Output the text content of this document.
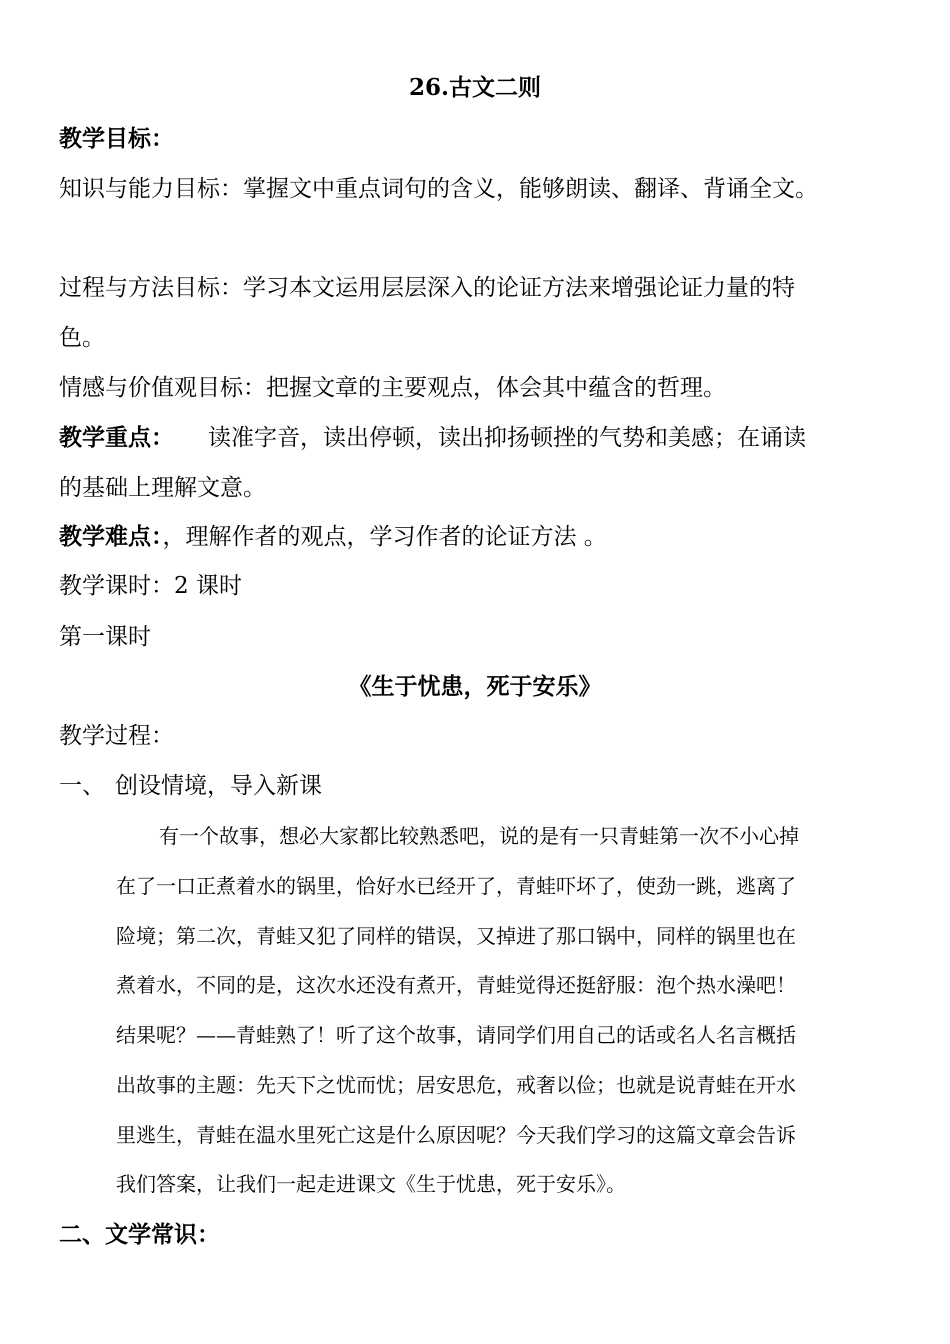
26.古文二则
教学目标：
知识与能力目标：掌握文中重点词句的含义，能够朗读、翻译、背诵全文。
过程与方法目标：学习本文运用层层深入的论证方法来增强论证力量的特
色。
情感与价值观目标：把握文章的主要观点，体会其中蕴含的哲理。
教学重点： 读准字音，读出停顿，读出抑扬顿挫的气势和美感；在诵读
的基础上理解文意。
教学难点：，理解作者的观点，学习作者的论证方法 。
教学课时：2 课时
第一课时
《生于忧患，死于安乐》
教学过程：
一、 创设情境，导入新课
有一个故事，想必大家都比较熟悉吧，说的是有一只青蛙第一次不小心掉
在了一口正煮着水的锅里，恰好水已经开了，青蛙吓坏了，使劲一跳，逃离了
险境；第二次，青蛙又犯了同样的错误，又掉进了那口锅中，同样的锅里也在
煮着水，不同的是，这次水还没有煮开，青蛙觉得还挺舒服：泡个热水澡吧！
结果呢？——青蛙熟了！听了这个故事，请同学们用自己的话或名人名言概括
出故事的主题：先天下之忧而忧；居安思危，戒奢以俭；也就是说青蛙在开水
里逃生，青蛙在温水里死亡这是什么原因呢？今天我们学习的这篇文章会告诉
我们答案，让我们一起走进课文《生于忧患，死于安乐》。
二、文学常识：
